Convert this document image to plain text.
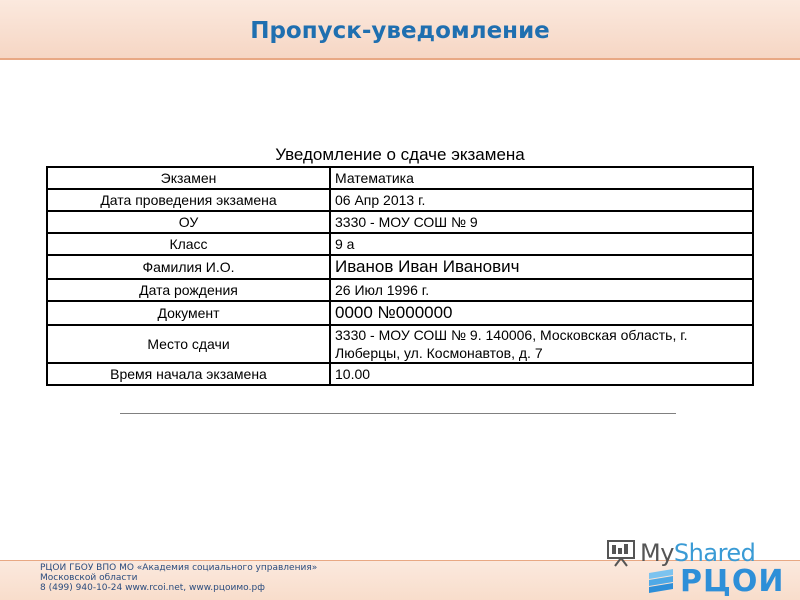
Пропуск-уведомление
Уведомление о сдаче экзамена
Экзамен	Математика
Дата проведения экзамена	06 Апр 2013 г.
ОУ	3330 - МОУ СОШ № 9
Класс	9 а
Фамилия И.О.	Иванов Иван Иванович
Дата рождения	26 Июл 1996 г.
Документ	0000 №000000
Место сдачи	3330 - МОУ СОШ № 9. 140006, Московская область, г. Люберцы, ул. Космонавтов, д. 7
Время начала экзамена	10.00
РЦОИ ГБОУ ВПО МО «Академия социального управления»
Московской области
8 (499) 940-10-24 www.rcoi.net, www.рцоимо.рф
MyShared
РЦОИ
